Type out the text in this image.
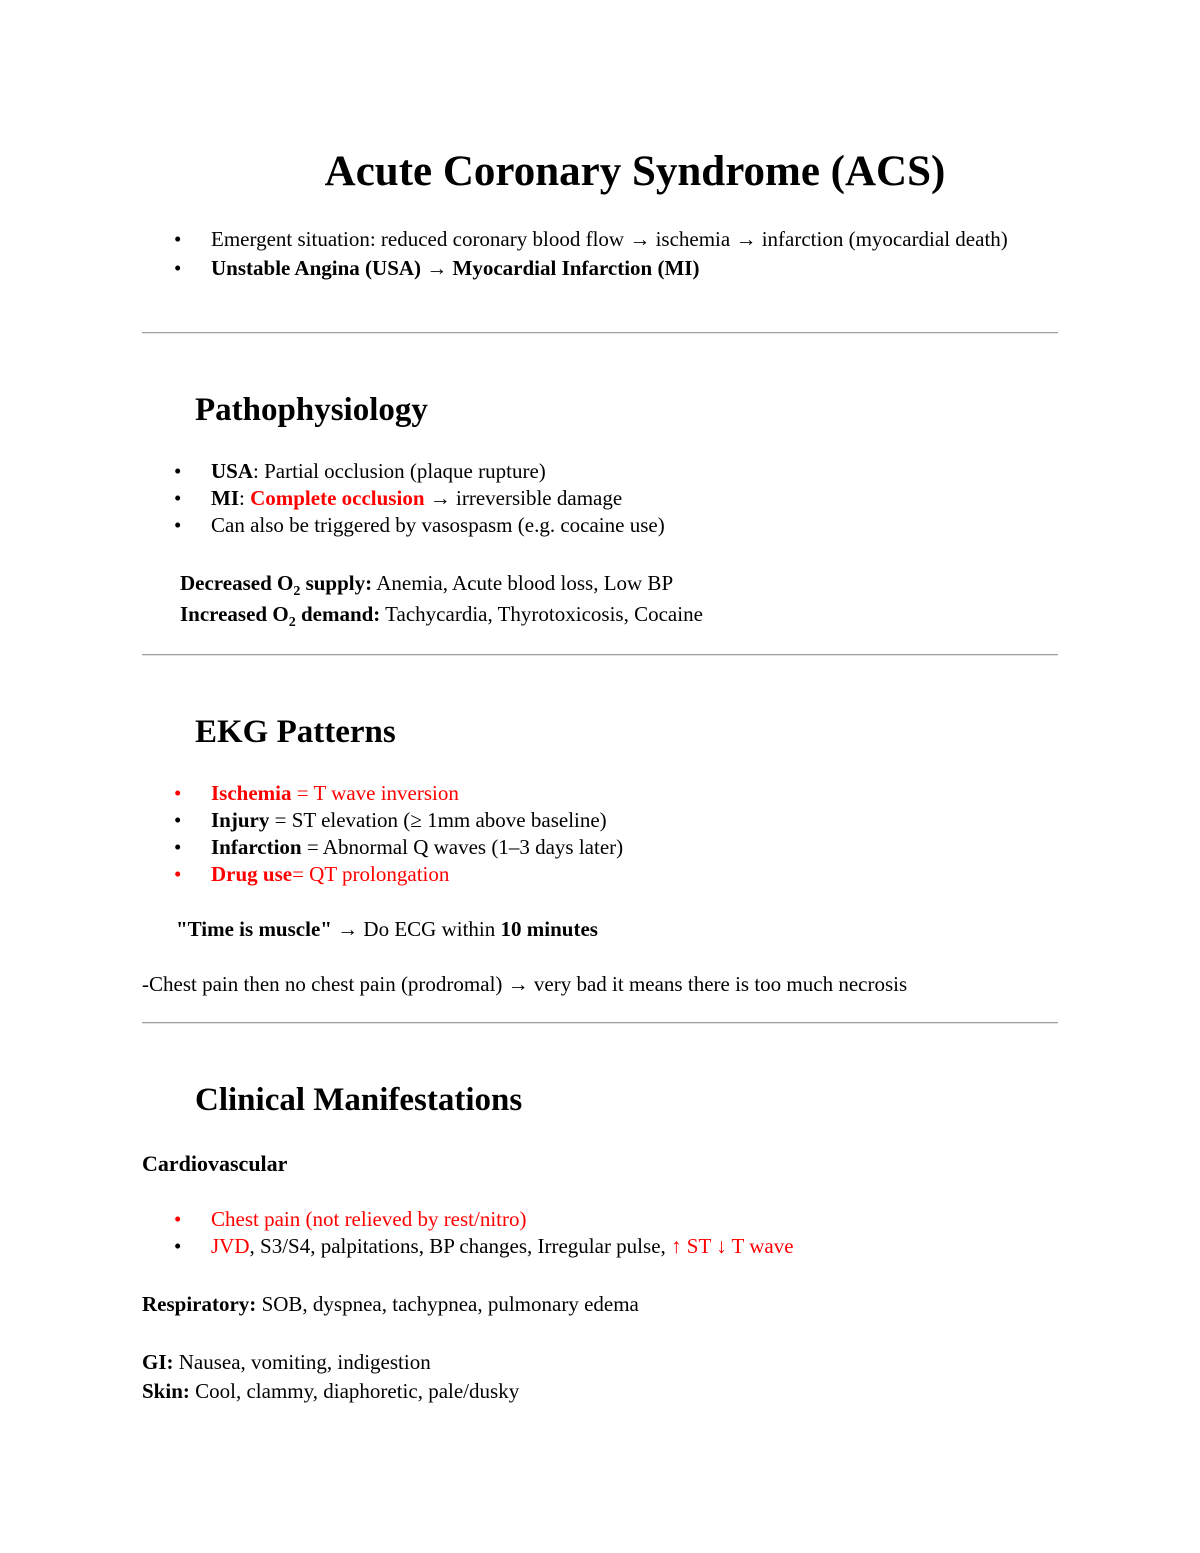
Acute Coronary Syndrome (ACS)
• Emergent situation: reduced coronary blood flow → ischemia → infarction (myocardial death)
• Unstable Angina (USA) → Myocardial Infarction (MI)
Pathophysiology
• USA: Partial occlusion (plaque rupture)
• MI: Complete occlusion → irreversible damage
• Can also be triggered by vasospasm (e.g. cocaine use)

Decreased $O_2$ supply: Anemia, Acute blood loss, Low BP

Increased $O_2$ demand: Tachycardia, Thyrotoxicosis, Cocaine

EKG Patterns
• Ischemia = T wave inversion
• Injury = ST elevation (≥ 1mm above baseline)
• Infarction = Abnormal Q waves (1–3 days later)
• Drug use= QT prolongation

"Time is muscle" → Do ECG within 10 minutes

-Chest pain then no chest pain (prodromal) → very bad it means there is too much necrosis

Clinical Manifestations

Cardiovascular

• Chest pain (not relieved by rest/nitro)
• JVD, S3/S4, palpitations, BP changes, Irregular pulse, ↑ ST ↓ T wave

Respiratory: SOB, dyspnea, tachypnea, pulmonary edema

GI: Nausea, vomiting, indigestion

Skin: Cool, clammy, diaphoretic, pale/dusky
